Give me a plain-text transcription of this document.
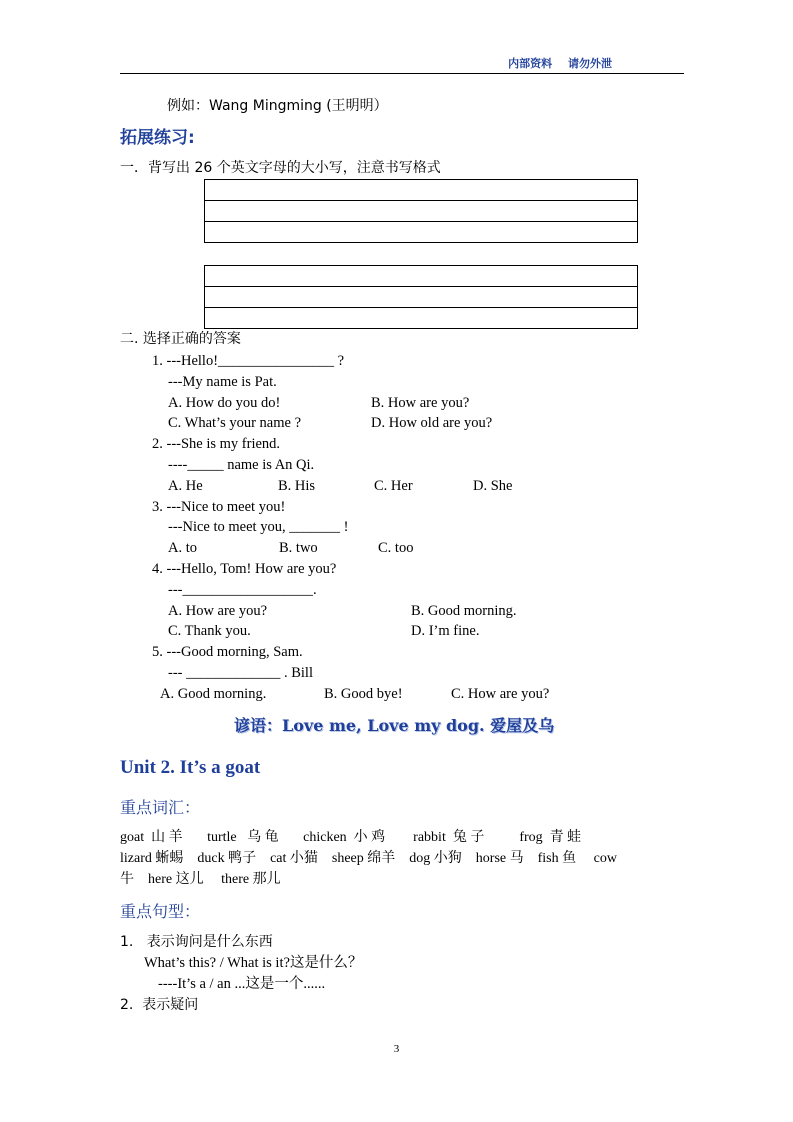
内部资料 请勿外泄
例如：Wang Mingming (王明明）
拓展练习:
一．背写出 26 个英文字母的大小写，注意书写格式
二. 选择正确的答案
1. ---Hello!________________ ?
---My name is Pat.
A. How do you do!	B. How are you?
C. What’s your name ?	D. How old are you?
2. ---She is my friend.
----_____ name is An Qi.
A. He	B. His	C. Her	D. She
3. ---Nice to meet you!
---Nice to meet you, _______ !
A. to	B. two	C. too
4. ---Hello, Tom! How are you?
---__________________.
A. How are you?	B. Good morning.
C. Thank you.	D. I’m fine.
5. ---Good morning, Sam.
--- _____________ . Bill
A. Good morning.	B. Good bye!	C. How are you?
谚语：Love me, Love my dog. 爱屋及乌
Unit 2. It’s a goat
重点词汇：
goat  山 羊       turtle   乌 龟       chicken  小 鸡        rabbit  兔 子          frog  青 蛙
lizard 蜥蜴    duck 鸭子    cat 小猫    sheep 绵羊    dog 小狗    horse 马    fish 鱼     cow
牛    here 这儿     there 那儿
重点句型：
1.   表示询问是什么东西
What’s this? / What is it?这是什么？
----It’s a / an ...这是一个......
2.  表示疑问
3
